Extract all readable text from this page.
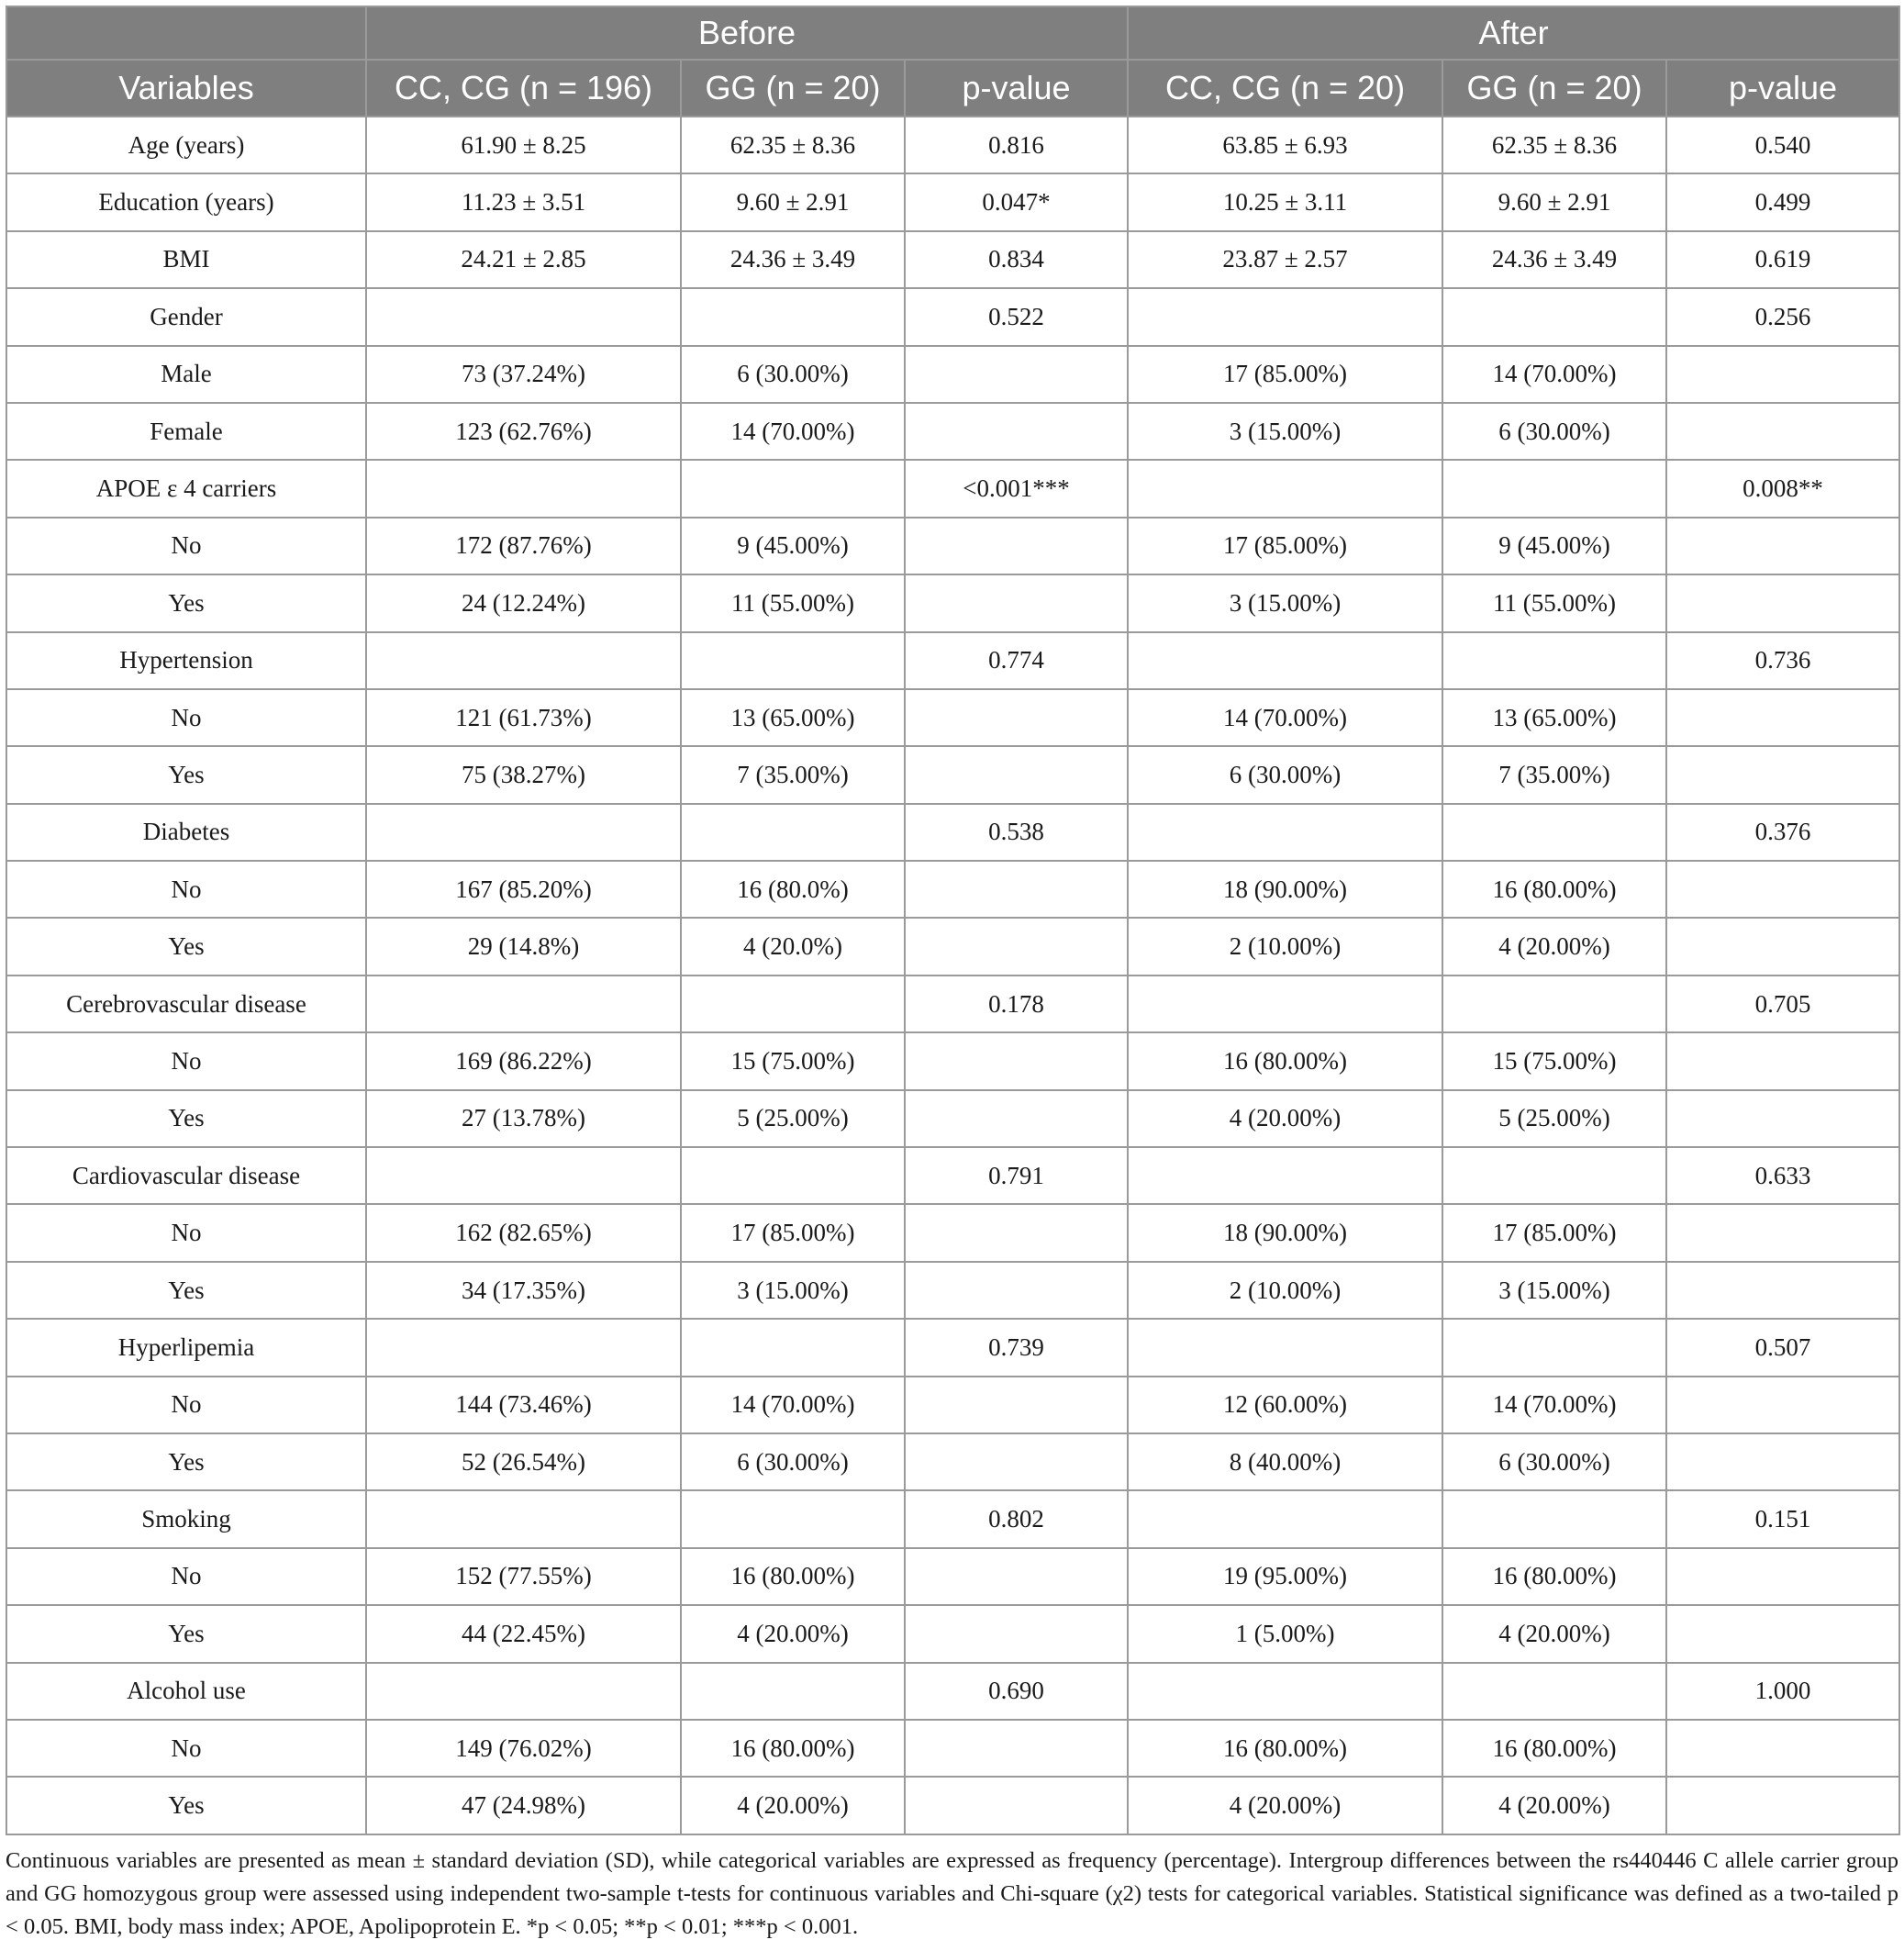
	Before			After		
Variables	CC, CG (n = 196)	GG (n = 20)	p-value	CC, CG (n = 20)	GG (n = 20)	p-value
Age (years)	61.90 ± 8.25	62.35 ± 8.36	0.816	63.85 ± 6.93	62.35 ± 8.36	0.540
Education (years)	11.23 ± 3.51	9.60 ± 2.91	0.047*	10.25 ± 3.11	9.60 ± 2.91	0.499
BMI	24.21 ± 2.85	24.36 ± 3.49	0.834	23.87 ± 2.57	24.36 ± 3.49	0.619
Gender			0.522			0.256
Male	73 (37.24%)	6 (30.00%)		17 (85.00%)	14 (70.00%)	
Female	123 (62.76%)	14 (70.00%)		3 (15.00%)	6 (30.00%)	
APOE ε 4 carriers			<0.001***			0.008**
No	172 (87.76%)	9 (45.00%)		17 (85.00%)	9 (45.00%)	
Yes	24 (12.24%)	11 (55.00%)		3 (15.00%)	11 (55.00%)	
Hypertension			0.774			0.736
No	121 (61.73%)	13 (65.00%)		14 (70.00%)	13 (65.00%)	
Yes	75 (38.27%)	7 (35.00%)		6 (30.00%)	7 (35.00%)	
Diabetes			0.538			0.376
No	167 (85.20%)	16 (80.0%)		18 (90.00%)	16 (80.00%)	
Yes	29 (14.8%)	4 (20.0%)		2 (10.00%)	4 (20.00%)	
Cerebrovascular disease			0.178			0.705
No	169 (86.22%)	15 (75.00%)		16 (80.00%)	15 (75.00%)	
Yes	27 (13.78%)	5 (25.00%)		4 (20.00%)	5 (25.00%)	
Cardiovascular disease			0.791			0.633
No	162 (82.65%)	17 (85.00%)		18 (90.00%)	17 (85.00%)	
Yes	34 (17.35%)	3 (15.00%)		2 (10.00%)	3 (15.00%)	
Hyperlipemia			0.739			0.507
No	144 (73.46%)	14 (70.00%)		12 (60.00%)	14 (70.00%)	
Yes	52 (26.54%)	6 (30.00%)		8 (40.00%)	6 (30.00%)	
Smoking			0.802			0.151
No	152 (77.55%)	16 (80.00%)		19 (95.00%)	16 (80.00%)	
Yes	44 (22.45%)	4 (20.00%)		1 (5.00%)	4 (20.00%)	
Alcohol use			0.690			1.000
No	149 (76.02%)	16 (80.00%)		16 (80.00%)	16 (80.00%)	
Yes	47 (24.98%)	4 (20.00%)		4 (20.00%)	4 (20.00%)	
Continuous variables are presented as mean ± standard deviation (SD), while categorical variables are expressed as frequency (percentage). Intergroup differences between the rs440446 C allele carrier group and GG homozygous group were assessed using independent two-sample t-tests for continuous variables and Chi-square (χ2) tests for categorical variables. Statistical significance was defined as a two-tailed p < 0.05. BMI, body mass index; APOE, Apolipoprotein E. *p < 0.05; **p < 0.01; ***p < 0.001.
